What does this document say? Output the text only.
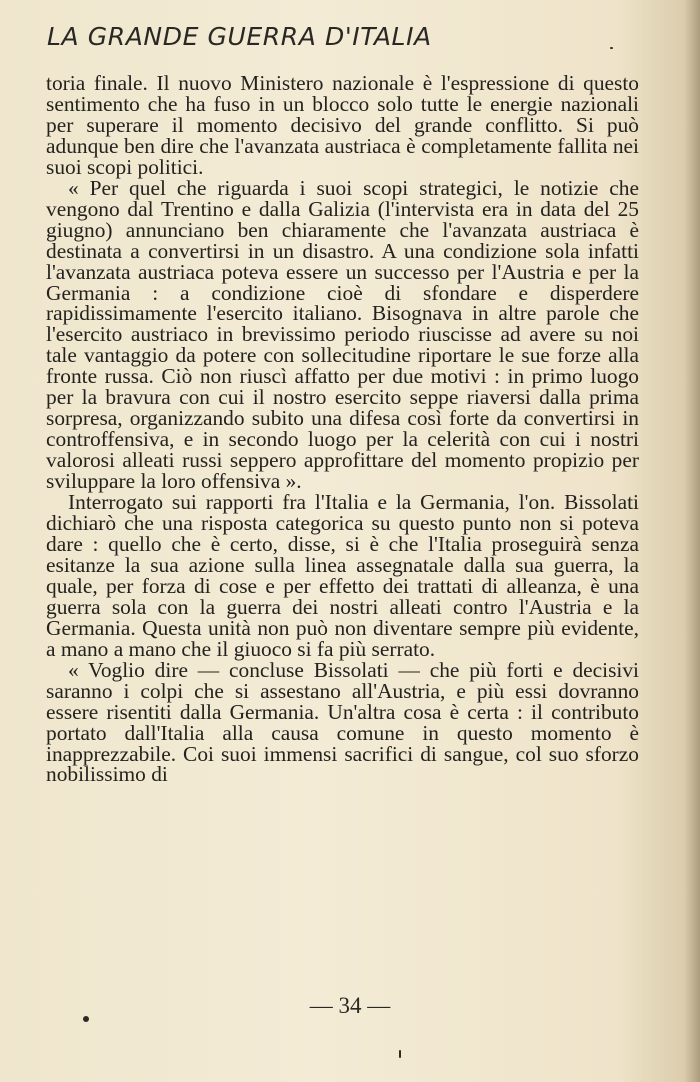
LA GRANDE GUERRA D'ITALIA

toria finale. Il nuovo Ministero nazionale è l'espressione di questo sentimento che ha fuso in un blocco solo tutte le energie nazionali per superare il momento decisivo del grande conflitto. Si può adunque ben dire che l'avanzata austriaca è completamente fallita nei suoi scopi politici.

« Per quel che riguarda i suoi scopi strategici, le notizie che vengono dal Trentino e dalla Galizia (l'intervista era in data del 25 giugno) annunciano ben chiaramente che l'avanzata austriaca è destinata a convertirsi in un disastro. A una condizione sola infatti l'avanzata austriaca poteva essere un successo per l'Austria e per la Germania : a condizione cioè di sfondare e disperdere rapidissimamente l'esercito italiano. Bisognava in altre parole che l'esercito austriaco in brevissimo periodo riuscisse ad avere su noi tale vantaggio da potere con sollecitudine riportare le sue forze alla fronte russa. Ciò non riuscì affatto per due motivi : in primo luogo per la bravura con cui il nostro esercito seppe riaversi dalla prima sorpresa, organizzando subito una difesa così forte da convertirsi in controffensiva, e in secondo luogo per la celerità con cui i nostri valorosi alleati russi seppero approfittare del momento propizio per sviluppare la loro offensiva ».

Interrogato sui rapporti fra l'Italia e la Germania, l'on. Bissolati dichiarò che una risposta categorica su questo punto non si poteva dare : quello che è certo, disse, si è che l'Italia proseguirà senza esitanze la sua azione sulla linea assegnatale dalla sua guerra, la quale, per forza di cose e per effetto dei trattati di alleanza, è una guerra sola con la guerra dei nostri alleati contro l'Austria e la Germania. Questa unità non può non diventare sempre più evidente, a mano a mano che il giuoco si fa più serrato.

« Voglio dire — concluse Bissolati — che più forti e decisivi saranno i colpi che si assestano all'Austria, e più essi dovranno essere risentiti dalla Germania. Un'altra cosa è certa : il contributo portato dall'Italia alla causa comune in questo momento è inapprezzabile. Coi suoi immensi sacrifici di sangue, col suo sforzo nobilissimo di

— 34 —
